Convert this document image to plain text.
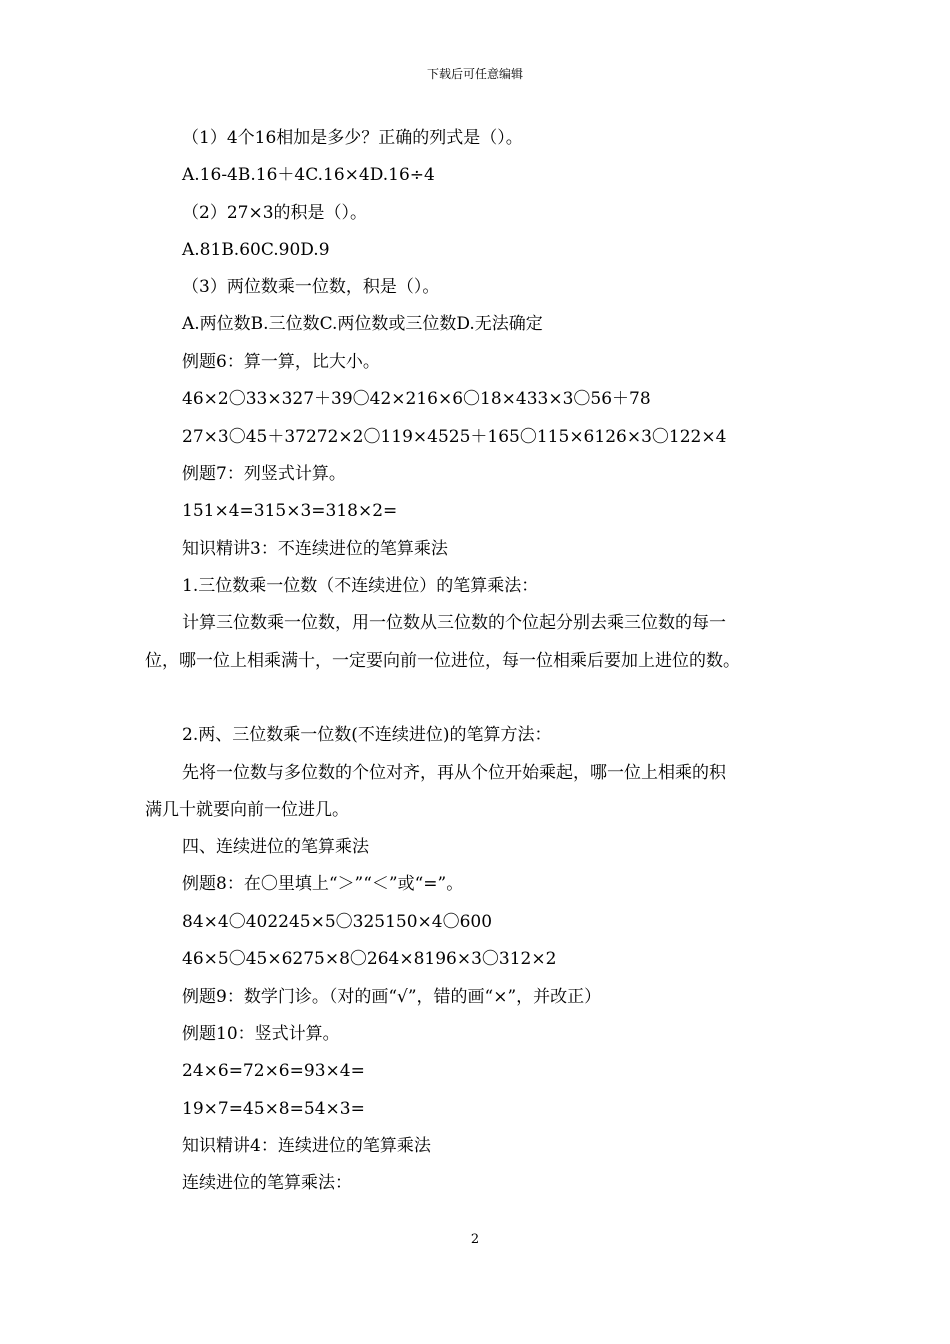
下载后可任意编辑
（1）4个16相加是多少？正确的列式是（）。
A.16-4B.16＋4C.16×4D.16÷4
（2）27×3的积是（）。
A.81B.60C.90D.9
（3）两位数乘一位数，积是（）。
A.两位数B.三位数C.两位数或三位数D.无法确定
例题6：算一算，比大小。
46×2〇33×327＋39〇42×216×6〇18×433×3〇56＋78
27×3〇45＋37272×2〇119×4525＋165〇115×6126×3〇122×4
例题7：列竖式计算。
151×4=315×3=318×2=
知识精讲3：不连续进位的笔算乘法
1.三位数乘一位数（不连续进位）的笔算乘法：
计算三位数乘一位数，用一位数从三位数的个位起分别去乘三位数的每一
位，哪一位上相乘满十，一定要向前一位进位，每一位相乘后要加上进位的数。
2.两、三位数乘一位数(不连续进位)的笔算方法：
先将一位数与多位数的个位对齐，再从个位开始乘起，哪一位上相乘的积
满几十就要向前一位进几。
四、连续进位的笔算乘法
例题8：在〇里填上“＞”“＜”或“=”。
84×4〇402245×5〇325150×4〇600
46×5〇45×6275×8〇264×8196×3〇312×2
例题9：数学门诊。（对的画“√”，错的画“×”，并改正）
例题10：竖式计算。
24×6=72×6=93×4=
19×7=45×8=54×3=
知识精讲4：连续进位的笔算乘法
连续进位的笔算乘法：
2
